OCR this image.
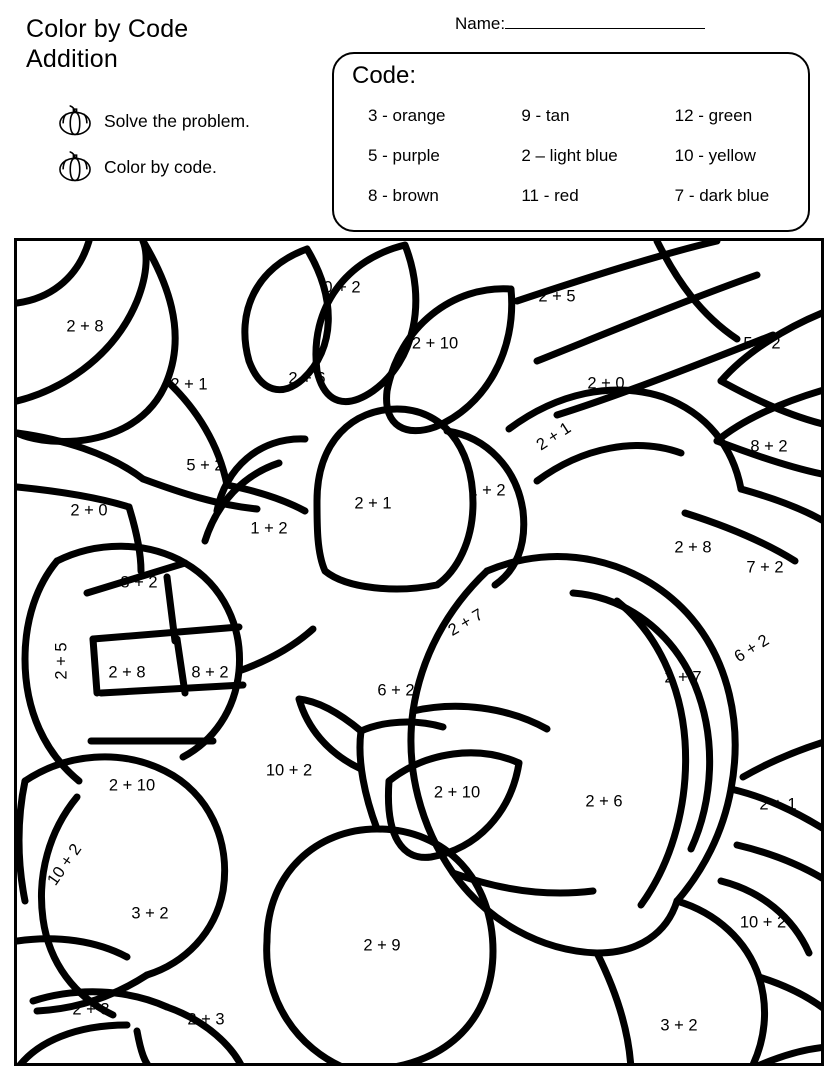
Color by Code
Addition
Name:
Solve the problem.
Color by code.
Code:
3 - orange	9 - tan	12 - green
5 - purple	2 – light blue	10 - yellow
8 - brown	11 - red	7 - dark blue
2 + 8
0 + 2	2 + 5
2 + 1	2 + 6
2 + 10	5 + 2
2 + 0
5 + 2
2 + 1	8 + 2
2 + 0
1 + 2
2 + 1
1 + 2
2 + 8
8 + 2
7 + 2
2 + 5 2 + 8	8 + 2
2 + 7
6 + 2
6 + 2
2 + 7
2 + 10
10 + 2
2 + 10	2 + 6	2 + 1
10 + 2
3 + 2
2 + 9
10 + 2
2 + 3
2 + 3	3 + 2
